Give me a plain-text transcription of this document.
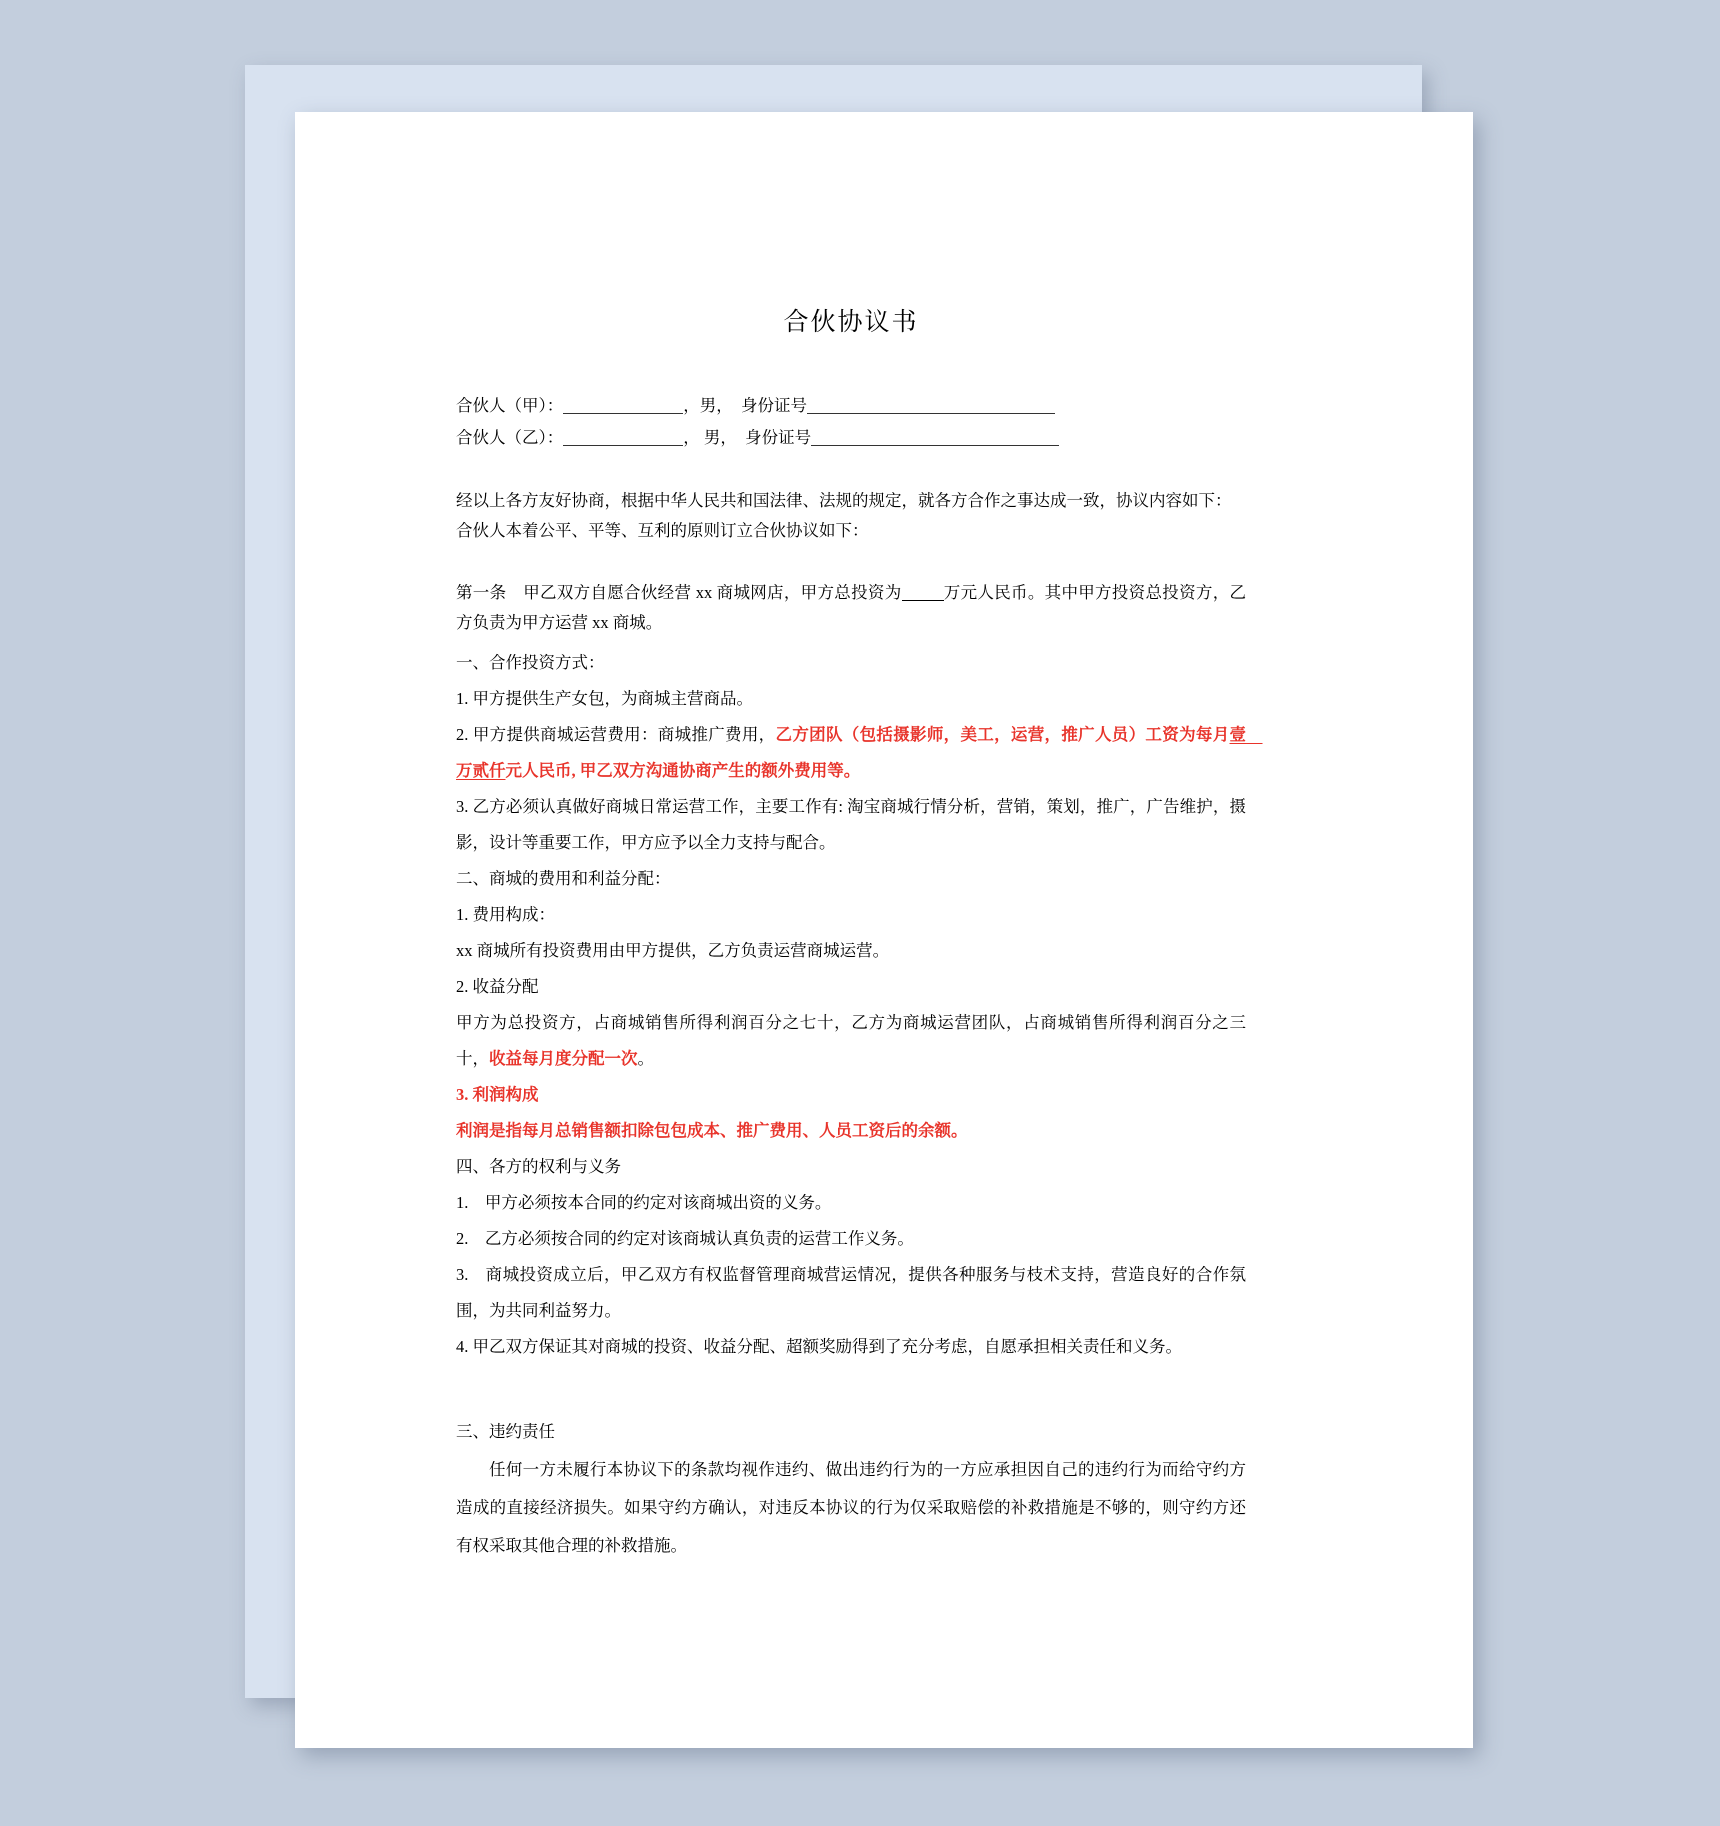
合伙协议书
合伙人（甲）：	，男， 身份证号
合伙人（乙）：	， 男， 身份证号

经以上各方友好协商，根据中华人民共和国法律、法规的规定，就各方合作之事达成一致，协议内容如下：

合伙人本着公平、平等、互利的原则订立合伙协议如下：

第一条　甲乙双方自愿合伙经营 xx 商城网店，甲方总投资为	万元人民币。其中甲方投资总投资方，乙方负责为甲方运营 xx 商城。

一、合作投资方式：

1. 甲方提供生产女包，为商城主营商品。

2. 甲方提供商城运营费用：商城推广费用，乙方团队（包括摄影师，美工，运营，推广人员）工资为每月壹　万贰仟元人民币, 甲乙双方沟通协商产生的额外费用等。

3. 乙方必须认真做好商城日常运营工作，主要工作有: 淘宝商城行情分析，营销，策划，推广，广告维护，摄影，设计等重要工作，甲方应予以全力支持与配合。

二、商城的费用和利益分配：

1. 费用构成：

xx 商城所有投资费用由甲方提供，乙方负责运营商城运营。

2. 收益分配

甲方为总投资方，占商城销售所得利润百分之七十，乙方为商城运营团队，占商城销售所得利润百分之三十，收益每月度分配一次。

3. 利润构成

利润是指每月总销售额扣除包包成本、推广费用、人员工资后的余额。

四、各方的权利与义务

1.　甲方必须按本合同的约定对该商城出资的义务。

2.　乙方必须按合同的约定对该商城认真负责的运营工作义务。

3.　商城投资成立后，甲乙双方有权监督管理商城营运情况，提供各种服务与枝术支持，营造良好的合作氛围，为共同利益努力。

4. 甲乙双方保证其对商城的投资、收益分配、超额奖励得到了充分考虑，自愿承担相关责任和义务。

三、违约责任

任何一方未履行本协议下的条款均视作违约、做出违约行为的一方应承担因自己的违约行为而给守约方造成的直接经济损失。如果守约方确认，对违反本协议的行为仅采取赔偿的补救措施是不够的，则守约方还有权采取其他合理的补救措施。
